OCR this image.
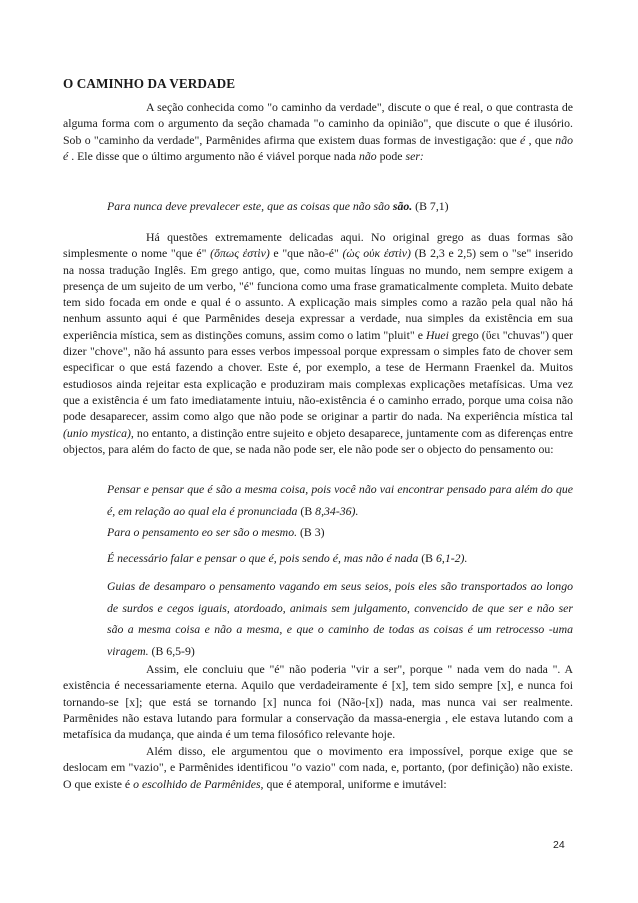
O CAMINHO DA VERDADE

A seção conhecida como "o caminho da verdade", discute o que é real, o que contrasta de alguma forma com o argumento da seção chamada "o caminho da opinião", que discute o que é ilusório. Sob o "caminho da verdade", Parmênides afirma que existem duas formas de investigação: que é , que não é . Ele disse que o último argumento não é viável porque nada não pode ser:

Para nunca deve prevalecer este, que as coisas que não são são. (B 7,1)

Há questões extremamente delicadas aqui. No original grego as duas formas são simplesmente o nome "que é" (ὅπως ἐστὶν) e "que não-é" (ὡς οὐκ ἐστὶν) (B 2,3 e 2,5) sem o "se" inserido na nossa tradução Inglês. Em grego antigo, que, como muitas línguas no mundo, nem sempre exigem a presença de um sujeito de um verbo, "é" funciona como uma frase gramaticalmente completa. Muito debate tem sido focada em onde e qual é o assunto. A explicação mais simples como a razão pela qual não há nenhum assunto aqui é que Parmênides deseja expressar a verdade, nua simples da existência em sua experiência mística, sem as distinções comuns, assim como o latim "pluit" e Huei grego (ὕει "chuvas") quer dizer "chove", não há assunto para esses verbos impessoal porque expressam o simples fato de chover sem especificar o que está fazendo a chover. Este é, por exemplo, a tese de Hermann Fraenkel da. Muitos estudiosos ainda rejeitar esta explicação e produziram mais complexas explicações metafísicas. Uma vez que a existência é um fato imediatamente intuiu, não-existência é o caminho errado, porque uma coisa não pode desaparecer, assim como algo que não pode se originar a partir do nada. Na experiência mística tal (unio mystica), no entanto, a distinção entre sujeito e objeto desaparece, juntamente com as diferenças entre objectos, para além do facto de que, se nada não pode ser, ele não pode ser o objecto do pensamento ou:

Pensar e pensar que é são a mesma coisa, pois você não vai encontrar pensado para além do que é, em relação ao qual ela é pronunciada (B 8,34-36).

Para o pensamento eo ser são o mesmo. (B 3)

É necessário falar e pensar o que é, pois sendo é, mas não é nada (B 6,1-2).

Guias de desamparo o pensamento vagando em seus seios, pois eles são transportados ao longo de surdos e cegos iguais, atordoado, animais sem julgamento, convencido de que ser e não ser são a mesma coisa e não a mesma, e que o caminho de todas as coisas é um retrocesso -uma viragem. (B 6,5-9)

Assim, ele concluiu que "é" não poderia "vir a ser", porque " nada vem do nada ". A existência é necessariamente eterna. Aquilo que verdadeiramente é [x], tem sido sempre [x], e nunca foi tornando-se [x]; que está se tornando [x] nunca foi (Não-[x]) nada, mas nunca vai ser realmente. Parmênides não estava lutando para formular a conservação da massa-energia , ele estava lutando com a metafísica da mudança, que ainda é um tema filosófico relevante hoje.

Além disso, ele argumentou que o movimento era impossível, porque exige que se deslocam em "vazio", e Parmênides identificou "o vazio" com nada, e, portanto, (por definição) não existe. O que existe é o escolhido de Parmênides, que é atemporal, uniforme e imutável:

24
